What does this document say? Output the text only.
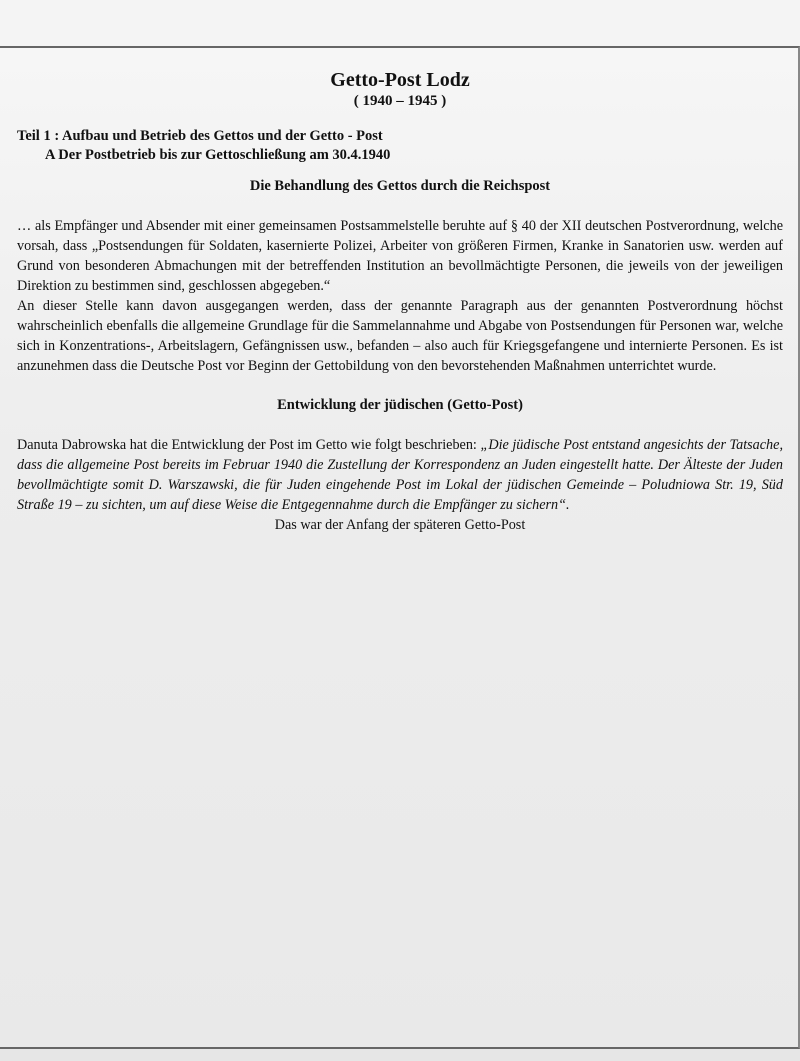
Getto-Post Lodz

( 1940 – 1945 )

Teil 1 : Aufbau und Betrieb des Gettos und der Getto - Post

A Der Postbetrieb bis zur Gettoschließung am 30.4.1940

Die Behandlung des Gettos durch die Reichspost

… als Empfänger und Absender mit einer gemeinsamen Postsammelstelle beruhte auf § 40 der XII deutschen Postverordnung, welche vorsah, dass „Postsendungen für Soldaten, kasernierte Polizei, Arbeiter von größeren Firmen, Kranke in Sanatorien usw. werden auf Grund von besonderen Abmachungen mit der betreffenden Institution an bevollmächtigte Personen, die jeweils von der jeweiligen Direktion zu bestimmen sind, geschlossen abgegeben.“

An dieser Stelle kann davon ausgegangen werden, dass der genannte Paragraph aus der genannten Postverordnung höchst wahrscheinlich ebenfalls die allgemeine Grundlage für die Sammelannahme und Abgabe von Postsendungen für Personen war, welche sich in Konzentrations-, Arbeitslagern, Gefängnissen usw., befanden – also auch für Kriegsgefangene und internierte Personen. Es ist anzunehmen dass die Deutsche Post vor Beginn der Gettobildung von den bevorstehenden Maßnahmen unterrichtet wurde.

Entwicklung der jüdischen (Getto-Post)

Danuta Dabrowska hat die Entwicklung der Post im Getto wie folgt beschrieben: „Die jüdische Post entstand angesichts der Tatsache, dass die allgemeine Post bereits im Februar 1940 die Zustellung der Korrespondenz an Juden eingestellt hatte. Der Älteste der Juden bevollmächtigte somit D. Warszawski, die für Juden eingehende Post im Lokal der jüdischen Gemeinde – Poludniowa Str. 19, Süd Straße 19 – zu sichten, um auf diese Weise die Entgegennahme durch die Empfänger zu sichern“.

Das war der Anfang der späteren Getto-Post
